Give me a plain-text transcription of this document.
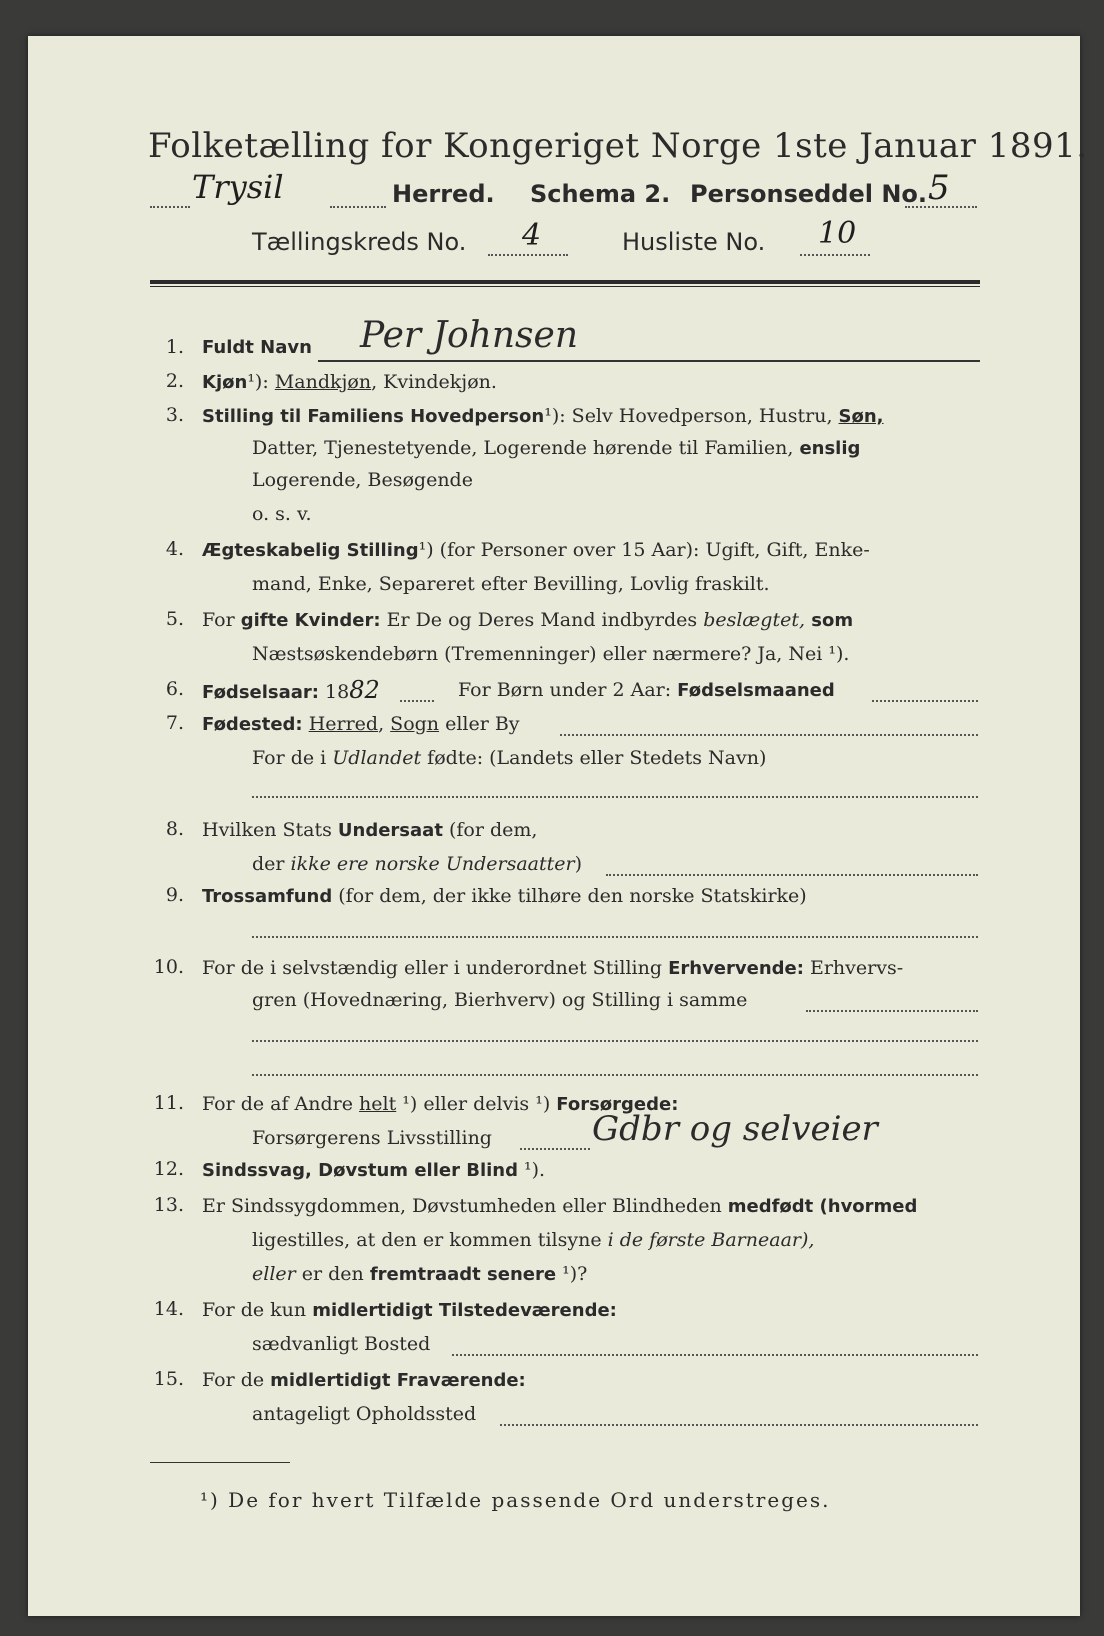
Folketælling for Kongeriget Norge 1ste Januar 1891.
Trysil	Herred. Schema 2. Personseddel No. 5
Tællingskreds No. 4	Husliste No. 10
1. Fuldt Navn Per Johnsen
2. Kjøn¹): Mandkjøn, Kvindekjøn.
3. Stilling til Familiens Hovedperson¹): Selv Hovedperson, Hustru, Søn,
Datter, Tjenestetyende, Logerende hørende til Familien, enslig
Logerende, Besøgende
o. s. v.
4. Ægteskabelig Stilling¹) (for Personer over 15 Aar): Ugift, Gift, Enke-
mand, Enke, Separeret efter Bevilling, Lovlig fraskilt.
5. For gifte Kvinder: Er De og Deres Mand indbyrdes beslægtet, som
Næstsøskendebørn (Tremenninger) eller nærmere? Ja, Nei ¹).
6. Fødselsaar: 1882	For Børn under 2 Aar: Fødselsmaaned
7. Fødested: Herred, Sogn eller By
For de i Udlandet fødte: (Landets eller Stedets Navn)
8. Hvilken Stats Undersaat (for dem,
der ikke ere norske Undersaatter)
9. Trossamfund (for dem, der ikke tilhøre den norske Statskirke)
10. For de i selvstændig eller i underordnet Stilling Erhvervende: Erhvervs-
gren (Hovednæring, Bierhverv) og Stilling i samme
11. For de af Andre helt ¹) eller delvis ¹) Forsørgede:
Forsørgerens Livsstilling	Gdbr og selveier
12. Sindssvag, Døvstum eller Blind ¹).
13. Er Sindssygdommen, Døvstumheden eller Blindheden medfødt (hvormed
ligestilles, at den er kommen tilsyne i de første Barneaar),
eller er den fremtraadt senere ¹)?
14. For de kun midlertidigt Tilstedeværende:
sædvanligt Bosted
15. For de midlertidigt Fraværende:
antageligt Opholdssted
¹) De for hvert Tilfælde passende Ord understreges.
